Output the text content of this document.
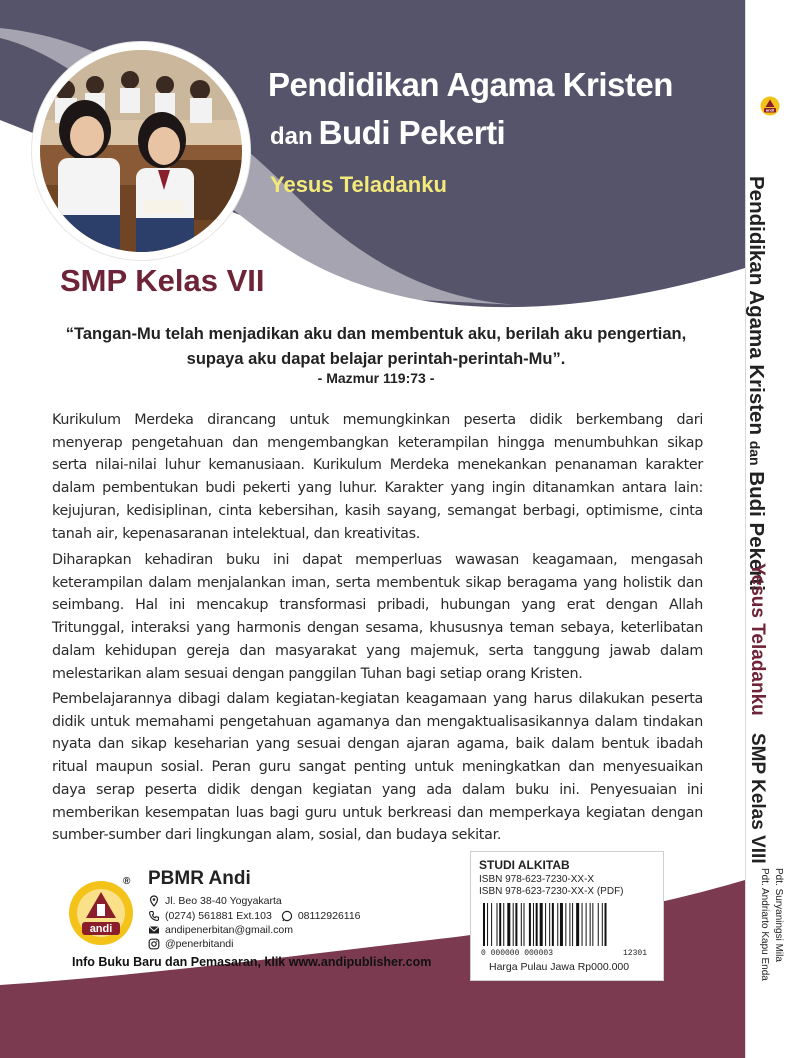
Pendidikan Agama Kristen
dan Budi Pekerti
Yesus Teladanku
SMP Kelas VII
“Tangan-Mu telah menjadikan aku dan membentuk aku, berilah aku pengertian, supaya aku dapat belajar perintah-perintah-Mu”.
- Mazmur 119:73 -

Kurikulum Merdeka dirancang untuk memungkinkan peserta didik berkembang dari menyerap pengetahuan dan mengembangkan keterampilan hingga menumbuhkan sikap serta nilai-nilai luhur kemanusiaan. Kurikulum Merdeka menekankan penanaman karakter dalam pembentukan budi pekerti yang luhur. Karakter yang ingin ditanamkan antara lain: kejujuran, kedisiplinan, cinta kebersihan, kasih sayang, semangat berbagi, optimisme, cinta tanah air, kepenasaranan intelektual, dan kreativitas.

Diharapkan kehadiran buku ini dapat memperluas wawasan keagamaan, mengasah keterampilan dalam menjalankan iman, serta membentuk sikap beragama yang holistik dan seimbang. Hal ini mencakup transformasi pribadi, hubungan yang erat dengan Allah Tritunggal, interaksi yang harmonis dengan sesama, khususnya teman sebaya, keterlibatan dalam kehidupan gereja dan masyarakat yang majemuk, serta tanggung jawab dalam melestarikan alam sesuai dengan panggilan Tuhan bagi setiap orang Kristen.

Pembelajarannya dibagi dalam kegiatan-kegiatan keagamaan yang harus dilakukan peserta didik untuk memahami pengetahuan agamanya dan mengaktualisasikannya dalam tindakan nyata dan sikap keseharian yang sesuai dengan ajaran agama, baik dalam bentuk ibadah ritual maupun sosial. Peran guru sangat penting untuk meningkatkan dan menyesuaikan daya serap peserta didik dengan kegiatan yang ada dalam buku ini. Penyesuaian ini memberikan kesempatan luas bagi guru untuk berkreasi dan memperkaya kegiatan dengan sumber-sumber dari lingkungan alam, sosial, dan budaya sekitar.

andi
® PBMR Andi
Jl. Beo 38-40 Yogyakarta
(0274) 561881 Ext.103 08112926116
andipenerbitan@gmail.com
@penerbitandi
Info Buku Baru dan Pemasaran, klik www.andipublisher.com
STUDI ALKITAB
ISBN 978-623-7230-XX-X
ISBN 978-623-7230-XX-X (PDF)
0 000000 000003	12301
Harga Pulau Jawa Rp000.000
andi
Pendidikan Agama Kristen dan Budi Pekerti
Yesus Teladanku
SMP Kelas VIII
Pdt. Suryaningsi Mila
Pdt. Andriarto Kapu Enda
